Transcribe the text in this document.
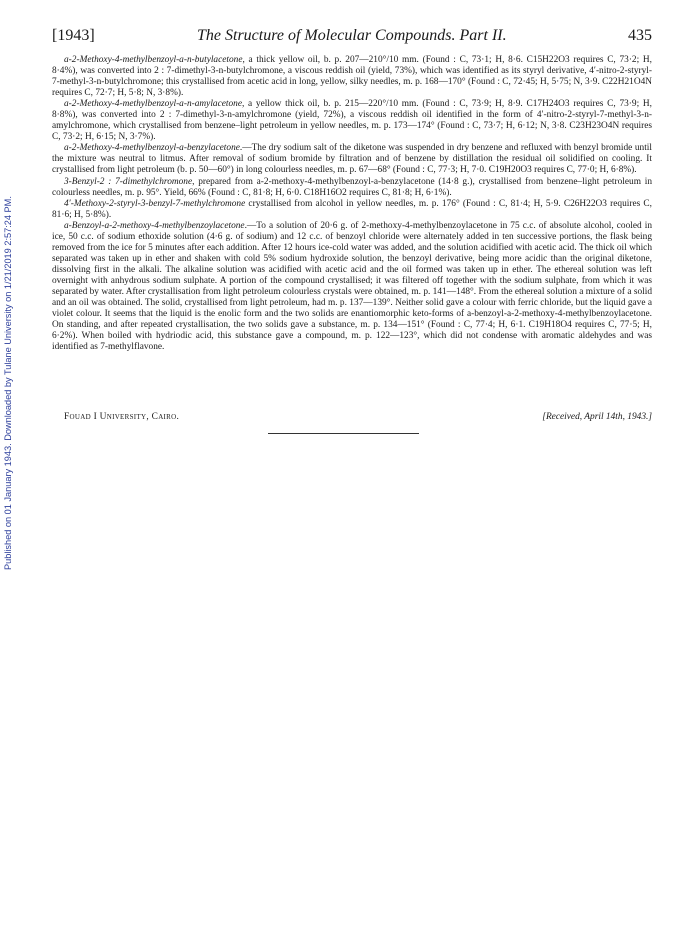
Published on 01 January 1943. Downloaded by Tulane University on 1/21/2019 2:57:24 PM.
[1943]	The Structure of Molecular Compounds. Part II.	435

a-2-Methoxy-4-methylbenzoyl-a-n-butylacetone, a thick yellow oil, b. p. 207—210°/10 mm. (Found : C, 73·1; H, 8·6. C15H22O3 requires C, 73·2; H, 8·4%), was converted into 2 : 7-dimethyl-3-n-butylchromone, a viscous reddish oil (yield, 73%), which was identified as its styryl derivative, 4′-nitro-2-styryl-7-methyl-3-n-butylchromone; this crystallised from acetic acid in long, yellow, silky needles, m. p. 168—170° (Found : C, 72·45; H, 5·75; N, 3·9. C22H21O4N requires C, 72·7; H, 5·8; N, 3·8%).

a-2-Methoxy-4-methylbenzoyl-a-n-amylacetone, a yellow thick oil, b. p. 215—220°/10 mm. (Found : C, 73·9; H, 8·9. C17H24O3 requires C, 73·9; H, 8·8%), was converted into 2 : 7-dimethyl-3-n-amylchromone (yield, 72%), a viscous reddish oil identified in the form of 4′-nitro-2-styryl-7-methyl-3-n-amylchromone, which crystallised from benzene–light petroleum in yellow needles, m. p. 173—174° (Found : C, 73·7; H, 6·12; N, 3·8. C23H23O4N requires C, 73·2; H, 6·15; N, 3·7%).

a-2-Methoxy-4-methylbenzoyl-a-benzylacetone.—The dry sodium salt of the diketone was suspended in dry benzene and refluxed with benzyl bromide until the mixture was neutral to litmus. After removal of sodium bromide by filtration and of benzene by distillation the residual oil solidified on cooling. It crystallised from light petroleum (b. p. 50—60°) in long colourless needles, m. p. 67—68° (Found : C, 77·3; H, 7·0. C19H20O3 requires C, 77·0; H, 6·8%).

3-Benzyl-2 : 7-dimethylchromone, prepared from a-2-methoxy-4-methylbenzoyl-a-benzylacetone (14·8 g.), crystallised from benzene–light petroleum in colourless needles, m. p. 95°. Yield, 66% (Found : C, 81·8; H, 6·0. C18H16O2 requires C, 81·8; H, 6·1%).

4′-Methoxy-2-styryl-3-benzyl-7-methylchromone crystallised from alcohol in yellow needles, m. p. 176° (Found : C, 81·4; H, 5·9. C26H22O3 requires C, 81·6; H, 5·8%).

a-Benzoyl-a-2-methoxy-4-methylbenzoylacetone.—To a solution of 20·6 g. of 2-methoxy-4-methylbenzoylacetone in 75 c.c. of absolute alcohol, cooled in ice, 50 c.c. of sodium ethoxide solution (4·6 g. of sodium) and 12 c.c. of benzoyl chloride were alternately added in ten successive portions, the flask being removed from the ice for 5 minutes after each addition. After 12 hours ice-cold water was added, and the solution acidified with acetic acid. The thick oil which separated was taken up in ether and shaken with cold 5% sodium hydroxide solution, the benzoyl derivative, being more acidic than the original diketone, dissolving first in the alkali. The alkaline solution was acidified with acetic acid and the oil formed was taken up in ether. The ethereal solution was left overnight with anhydrous sodium sulphate. A portion of the compound crystallised; it was filtered off together with the sodium sulphate, from which it was separated by water. After crystallisation from light petroleum colourless crystals were obtained, m. p. 141—148°. From the ethereal solution a mixture of a solid and an oil was obtained. The solid, crystallised from light petroleum, had m. p. 137—139°. Neither solid gave a colour with ferric chloride, but the liquid gave a violet colour. It seems that the liquid is the enolic form and the two solids are enantiomorphic keto-forms of a-benzoyl-a-2-methoxy-4-methylbenzoylacetone. On standing, and after repeated crystallisation, the two solids gave a substance, m. p. 134—151° (Found : C, 77·4; H, 6·1. C19H18O4 requires C, 77·5; H, 6·2%). When boiled with hydriodic acid, this substance gave a compound, m. p. 122—123°, which did not condense with aromatic aldehydes and was identified as 7-methylflavone.

Fouad I University, Cairo.	[Received, April 14th, 1943.]
